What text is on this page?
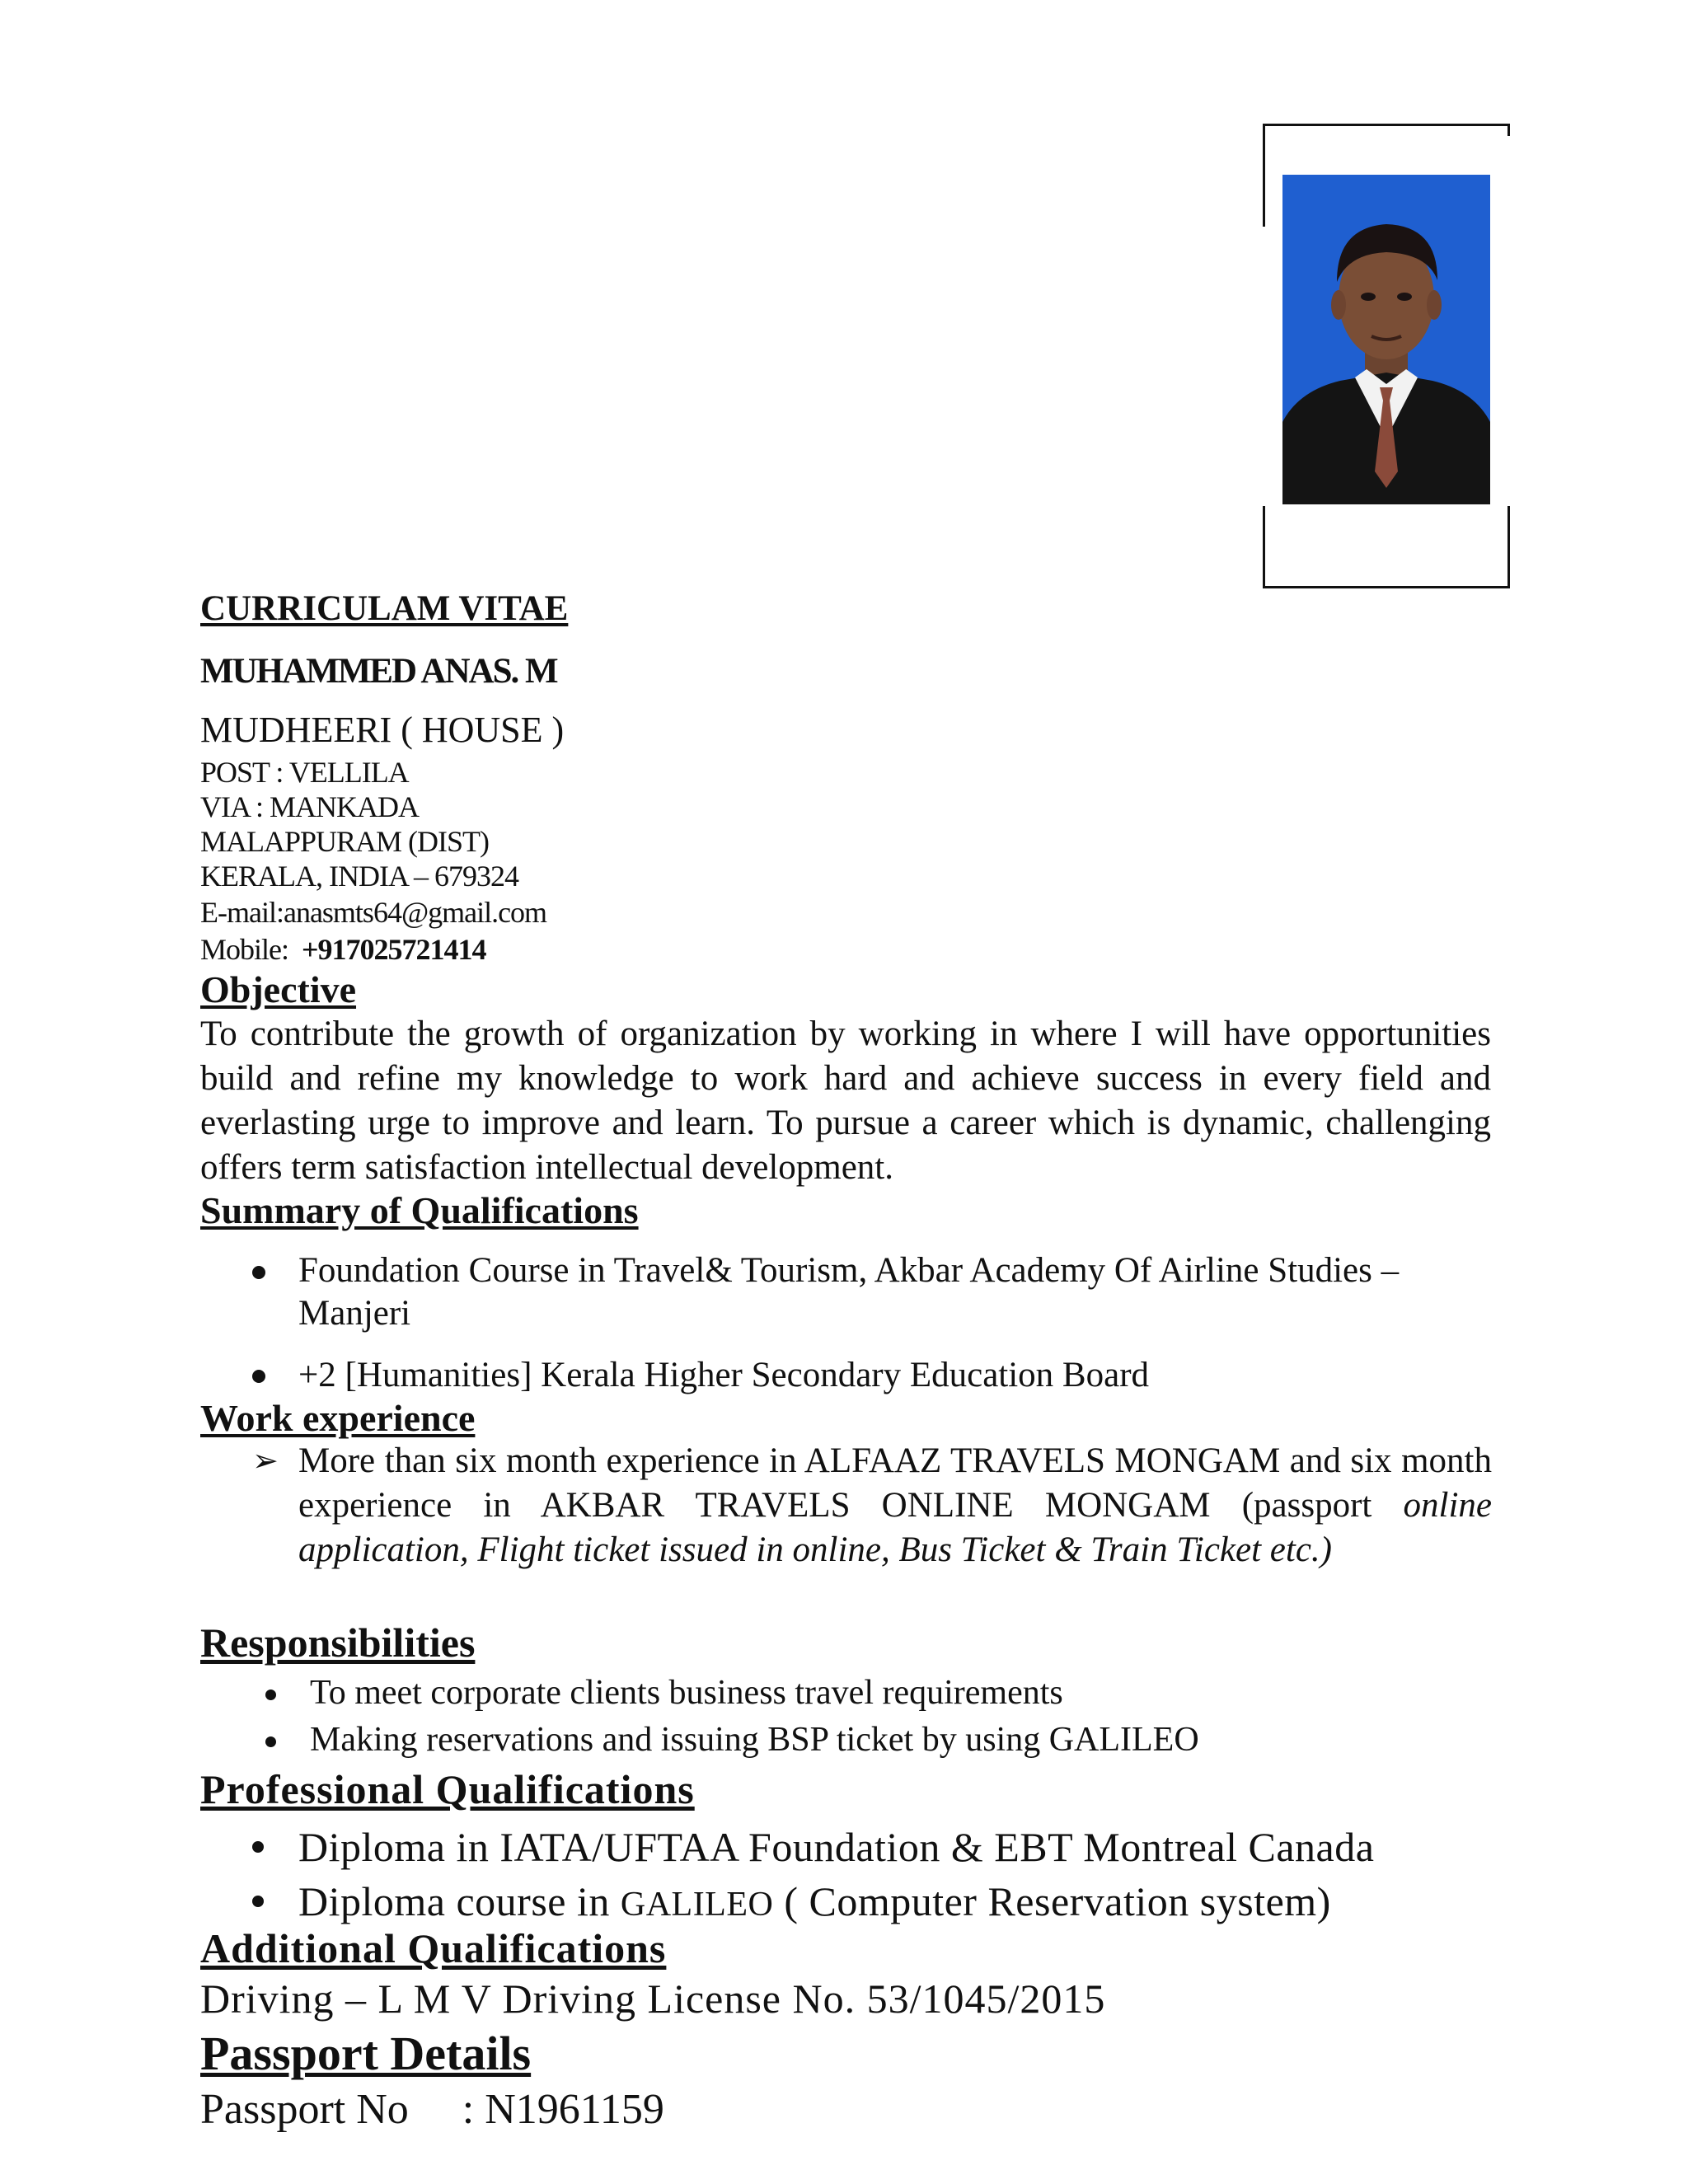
CURRICULAM VITAE
MUHAMMED ANAS. M
MUDHEERI ( HOUSE )
POST : VELLILA
VIA : MANKADA
MALAPPURAM (DIST)
KERALA, INDIA – 679324
E-mail:anasmts64@gmail.com
Mobile:  +917025721414
Objective
To contribute the growth of organization by working in where I will have opportunities build and refine my knowledge to work hard and achieve success in every field and everlasting urge to improve and learn. To pursue a career which is dynamic, challenging offers term satisfaction intellectual development.
Summary of Qualifications
Foundation Course in Travel& Tourism, Akbar Academy Of Airline Studies – Manjeri
+2 [Humanities] Kerala Higher Secondary Education Board
Work experience
➢ More than six month experience in ALFAAZ TRAVELS MONGAM and six month experience in AKBAR TRAVELS ONLINE MONGAM (passport online application, Flight ticket issued in online, Bus Ticket & Train Ticket etc.)
Responsibilities
To meet corporate clients business travel requirements
Making reservations and issuing BSP ticket by using GALILEO
Professional Qualifications
Diploma in IATA/UFTAA Foundation & EBT Montreal Canada
Diploma course in GALILEO ( Computer Reservation system)
Additional Qualifications
Driving – L M V Driving License No. 53/1045/2015
Passport Details
Passport No     : N1961159
